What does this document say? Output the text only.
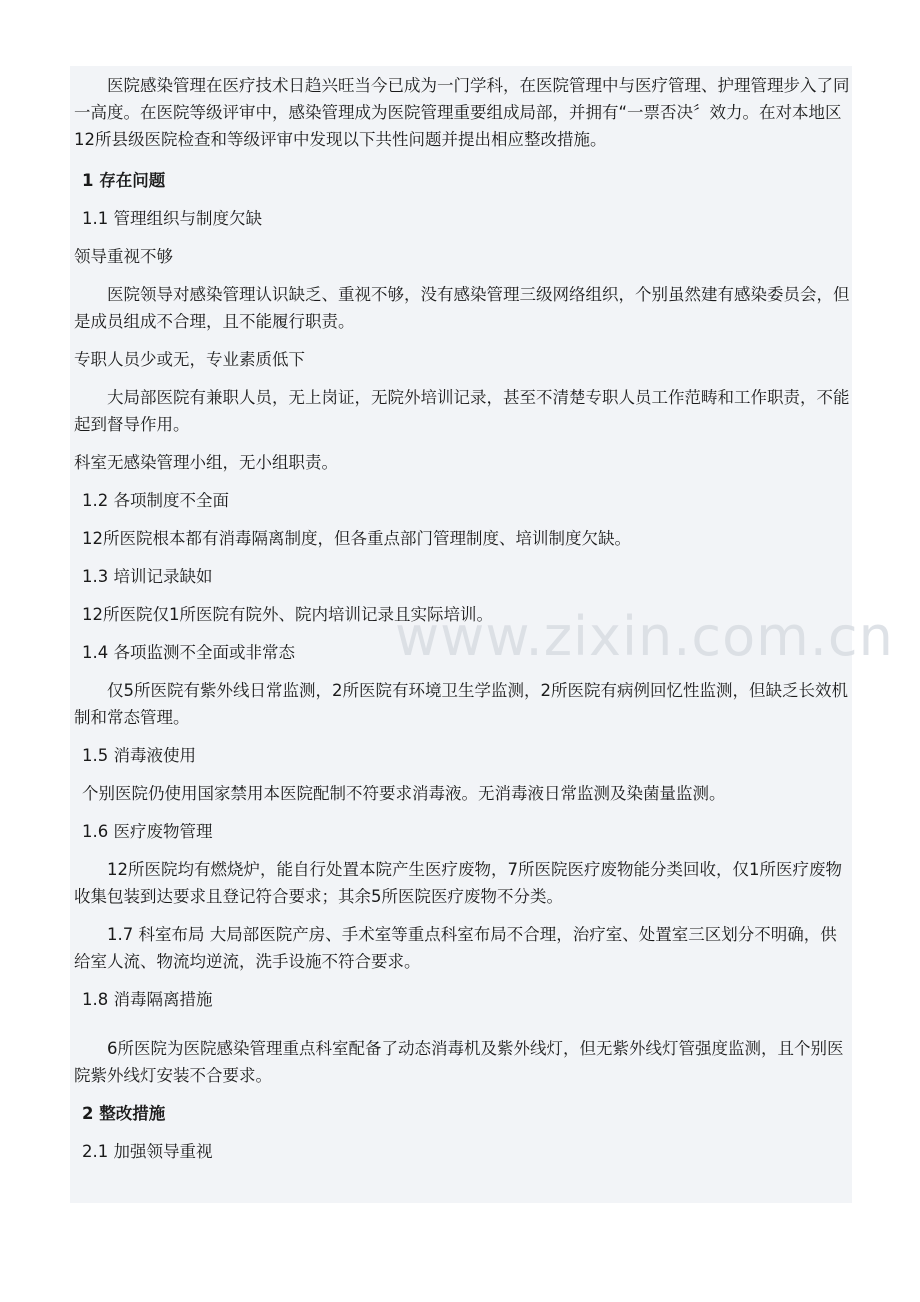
医院感染管理在医疗技术日趋兴旺当今已成为一门学科，在医院管理中与医疗管理、护理管理步入了同一高度。在医院等级评审中，感染管理成为医院管理重要组成局部，并拥有“一票否决〞效力。在对本地区12所县级医院检查和等级评审中发现以下共性问题并提出相应整改措施。

1 存在问题

1.1 管理组织与制度欠缺

领导重视不够

医院领导对感染管理认识缺乏、重视不够，没有感染管理三级网络组织，个别虽然建有感染委员会，但是成员组成不合理，且不能履行职责。

专职人员少或无，专业素质低下

大局部医院有兼职人员，无上岗证，无院外培训记录，甚至不清楚专职人员工作范畴和工作职责，不能起到督导作用。

科室无感染管理小组，无小组职责。

1.2 各项制度不全面

12所医院根本都有消毒隔离制度，但各重点部门管理制度、培训制度欠缺。

1.3 培训记录缺如

12所医院仅1所医院有院外、院内培训记录且实际培训。

1.4 各项监测不全面或非常态

仅5所医院有紫外线日常监测，2所医院有环境卫生学监测，2所医院有病例回忆性监测，但缺乏长效机制和常态管理。

1.5 消毒液使用

个别医院仍使用国家禁用本医院配制不符要求消毒液。无消毒液日常监测及染菌量监测。

1.6 医疗废物管理

12所医院均有燃烧炉，能自行处置本院产生医疗废物，7所医院医疗废物能分类回收，仅1所医疗废物收集包装到达要求且登记符合要求；其余5所医院医疗废物不分类。

1.7 科室布局 大局部医院产房、手术室等重点科室布局不合理，治疗室、处置室三区划分不明确，供给室人流、物流均逆流，洗手设施不符合要求。

1.8 消毒隔离措施

6所医院为医院感染管理重点科室配备了动态消毒机及紫外线灯，但无紫外线灯管强度监测，且个别医院紫外线灯安装不合要求。

2 整改措施

2.1 加强领导重视

www.zixin.com.cn
